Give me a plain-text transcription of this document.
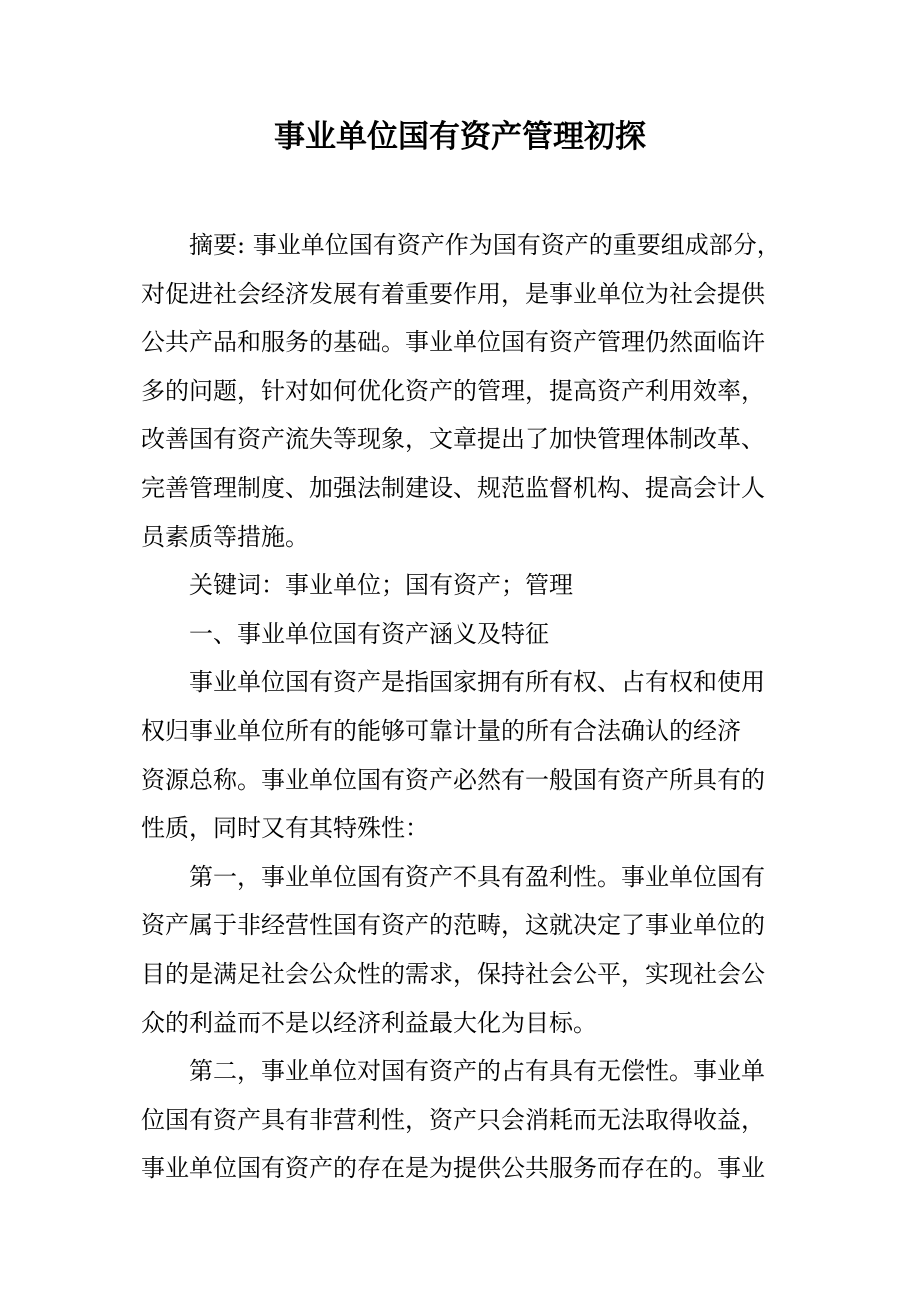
事业单位国有资产管理初探
摘要: 事业单位国有资产作为国有资产的重要组成部分，
对促进社会经济发展有着重要作用，是事业单位为社会提供
公共产品和服务的基础。事业单位国有资产管理仍然面临许
多的问题，针对如何优化资产的管理，提高资产利用效率，
改善国有资产流失等现象，文章提出了加快管理体制改革、
完善管理制度、加强法制建设、规范监督机构、提高会计人
员素质等措施。
关键词：事业单位；国有资产；管理
一、事业单位国有资产涵义及特征
事业单位国有资产是指国家拥有所有权、占有权和使用
权归事业单位所有的能够可靠计量的所有合法确认的经济
资源总称。事业单位国有资产必然有一般国有资产所具有的
性质，同时又有其特殊性：
第一，事业单位国有资产不具有盈利性。事业单位国有
资产属于非经营性国有资产的范畴，这就决定了事业单位的
目的是满足社会公众性的需求，保持社会公平，实现社会公
众的利益而不是以经济利益最大化为目标。
第二，事业单位对国有资产的占有具有无偿性。事业单
位国有资产具有非营利性，资产只会消耗而无法取得收益，
事业单位国有资产的存在是为提供公共服务而存在的。事业
